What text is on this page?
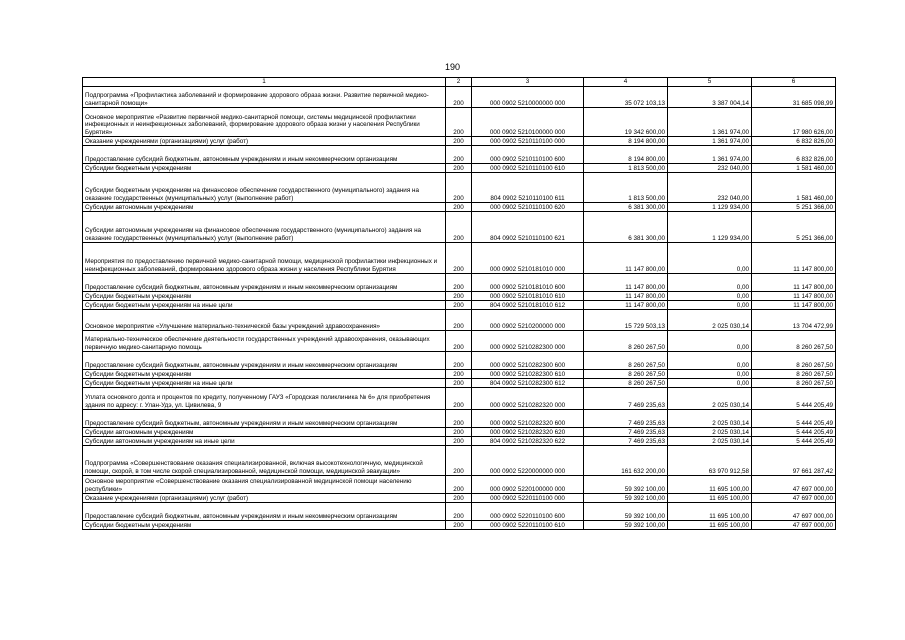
190
1	2	3	4	5	6
Подпрограмма «Профилактика заболеваний и формирование здорового образа жизни. Развитие первичной медико-санитарной помощи»	200	000 0902 5210000000 000	35 072 103,13	3 387 004,14	31 685 098,99
Основное мероприятие «Развитие первичной медико-санитарной помощи, системы медицинской профилактики инфекционных и неинфекционных заболеваний, формирование здорового образа жизни у населения Республики Бурятия»	200	000 0902 5210100000 000	19 342 600,00	1 361 974,00	17 980 626,00
Оказание учреждениями (организациями) услуг (работ)	200	000 0902 5210110100 000	8 194 800,00	1 361 974,00	6 832 826,00
Предоставление субсидий бюджетным, автономным учреждениям и иным некоммерческим организациям	200	000 0902 5210110100 600	8 194 800,00	1 361 974,00	6 832 826,00
Субсидии бюджетным учреждениям	200	000 0902 5210110100 610	1 813 500,00	232 040,00	1 581 460,00
Субсидии бюджетным учреждениям на финансовое обеспечение государственного (муниципального) задания на оказание государственных (муниципальных) услуг (выполнение работ)	200	804 0902 5210110100 611	1 813 500,00	232 040,00	1 581 460,00
Субсидии автономным учреждениям	200	000 0902 5210110100 620	6 381 300,00	1 129 934,00	5 251 366,00
Субсидии автономным учреждениям на финансовое обеспечение государственного (муниципального) задания на оказание государственных (муниципальных) услуг (выполнение работ)	200	804 0902 5210110100 621	6 381 300,00	1 129 934,00	5 251 366,00
Мероприятия по предоставлению первичной медико-санитарной помощи, медицинской профилактики инфекционных и неинфекционных заболеваний, формированию здорового образа жизни у населения Республики Бурятия	200	000 0902 5210181010 000	11 147 800,00	0,00	11 147 800,00
Предоставление субсидий бюджетным, автономным учреждениям и иным некоммерческим организациям	200	000 0902 5210181010 600	11 147 800,00	0,00	11 147 800,00
Субсидии бюджетным учреждениям	200	000 0902 5210181010 610	11 147 800,00	0,00	11 147 800,00
Субсидии бюджетным учреждениям на иные цели	200	804 0902 5210181010 612	11 147 800,00	0,00	11 147 800,00
Основное мероприятие «Улучшение материально-технической базы учреждений здравоохранения»	200	000 0902 5210200000 000	15 729 503,13	2 025 030,14	13 704 472,99
Материально-техническое обеспечение деятельности государственных учреждений здравоохранения, оказывающих первичную медико-санитарную помощь	200	000 0902 5210282300 000	8 260 267,50	0,00	8 260 267,50
Предоставление субсидий бюджетным, автономным учреждениям и иным некоммерческим организациям	200	000 0902 5210282300 600	8 260 267,50	0,00	8 260 267,50
Субсидии бюджетным учреждениям	200	000 0902 5210282300 610	8 260 267,50	0,00	8 260 267,50
Субсидии бюджетным учреждениям на иные цели	200	804 0902 5210282300 612	8 260 267,50	0,00	8 260 267,50
Уплата основного долга и процентов по кредиту, полученному ГАУЗ «Городская поликлиника № 6» для приобретения здания по адресу: г. Улан-Удэ, ул. Цивилева, 9	200	000 0902 5210282320 000	7 469 235,63	2 025 030,14	5 444 205,49
Предоставление субсидий бюджетным, автономным учреждениям и иным некоммерческим организациям	200	000 0902 5210282320 600	7 469 235,63	2 025 030,14	5 444 205,49
Субсидии автономным учреждениям	200	000 0902 5210282320 620	7 469 235,63	2 025 030,14	5 444 205,49
Субсидии автономным учреждениям на иные цели	200	804 0902 5210282320 622	7 469 235,63	2 025 030,14	5 444 205,49
Подпрограмма «Совершенствование оказания специализированной, включая высокотехнологичную, медицинской помощи, скорой, в том числе скорой специализированной, медицинской помощи, медицинской эвакуации»	200	000 0902 5220000000 000	161 632 200,00	63 970 912,58	97 661 287,42
Основное мероприятие «Совершенствование оказания специализированной медицинской помощи населению республики»	200	000 0902 5220100000 000	59 392 100,00	11 695 100,00	47 697 000,00
Оказание учреждениями (организациями) услуг (работ)	200	000 0902 5220110100 000	59 392 100,00	11 695 100,00	47 697 000,00
Предоставление субсидий бюджетным, автономным учреждениям и иным некоммерческим организациям	200	000 0902 5220110100 600	59 392 100,00	11 695 100,00	47 697 000,00
Субсидии бюджетным учреждениям	200	000 0902 5220110100 610	59 392 100,00	11 695 100,00	47 697 000,00
